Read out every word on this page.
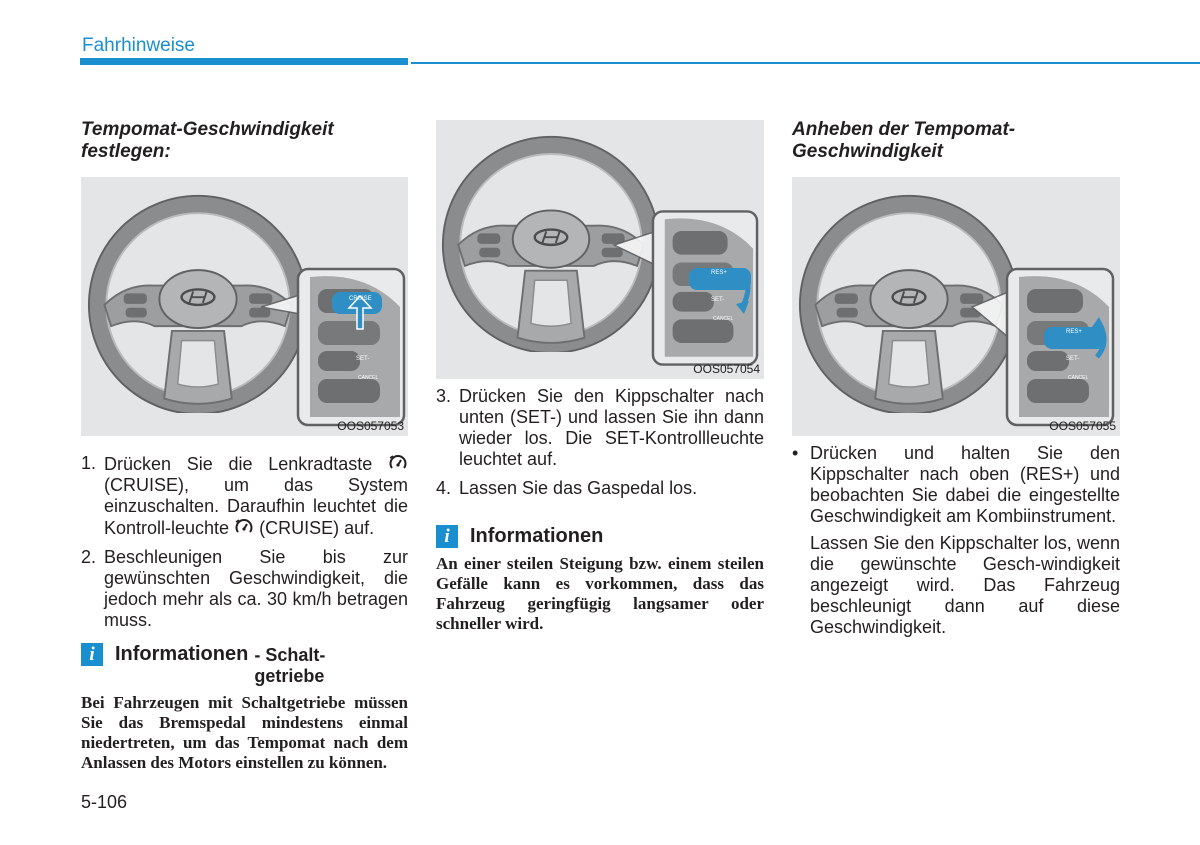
Fahrhinweise

Tempomat-Geschwindigkeit

festlegen:

CRUISE
SET-
CANCEL
OOS057053
1. Drücken Sie die Lenkradtaste  (CRUISE), um das System einzuschalten. Daraufhin leuchtet die Kontroll-leuchte (CRUISE) auf.
2. Beschleunigen Sie bis zur gewünschten Geschwindigkeit, die jedoch mehr als ca. 30 km/h betragen muss.
i	Informationen - Schalt-getriebe
Bei Fahrzeugen mit Schaltgetriebe müssen Sie das Bremspedal mindestens einmal niedertreten, um das Tempomat nach dem Anlassen des Motors einstellen zu können.
RES+
SET-
CANCEL
OOS057054
3. Drücken Sie den Kippschalter nach unten (SET-) und lassen Sie ihn dann wieder los. Die SET-Kontrollleuchte leuchtet auf.
4. Lassen Sie das Gaspedal los.
i	Informationen
An einer steilen Steigung bzw. einem steilen Gefälle kann es vorkommen, dass das Fahrzeug geringfügig langsamer oder schneller wird.

Anheben der Tempomat-

Geschwindigkeit

RES+
SET-
CANCEL
OOS057055
• Drücken und halten Sie den Kippschalter nach oben (RES+) und beobachten Sie dabei die eingestellte Geschwindigkeit am Kombiinstrument.
Lassen Sie den Kippschalter los, wenn die gewünschte Gesch-windigkeit angezeigt wird. Das Fahrzeug beschleunigt dann auf diese Geschwindigkeit.
5-106
